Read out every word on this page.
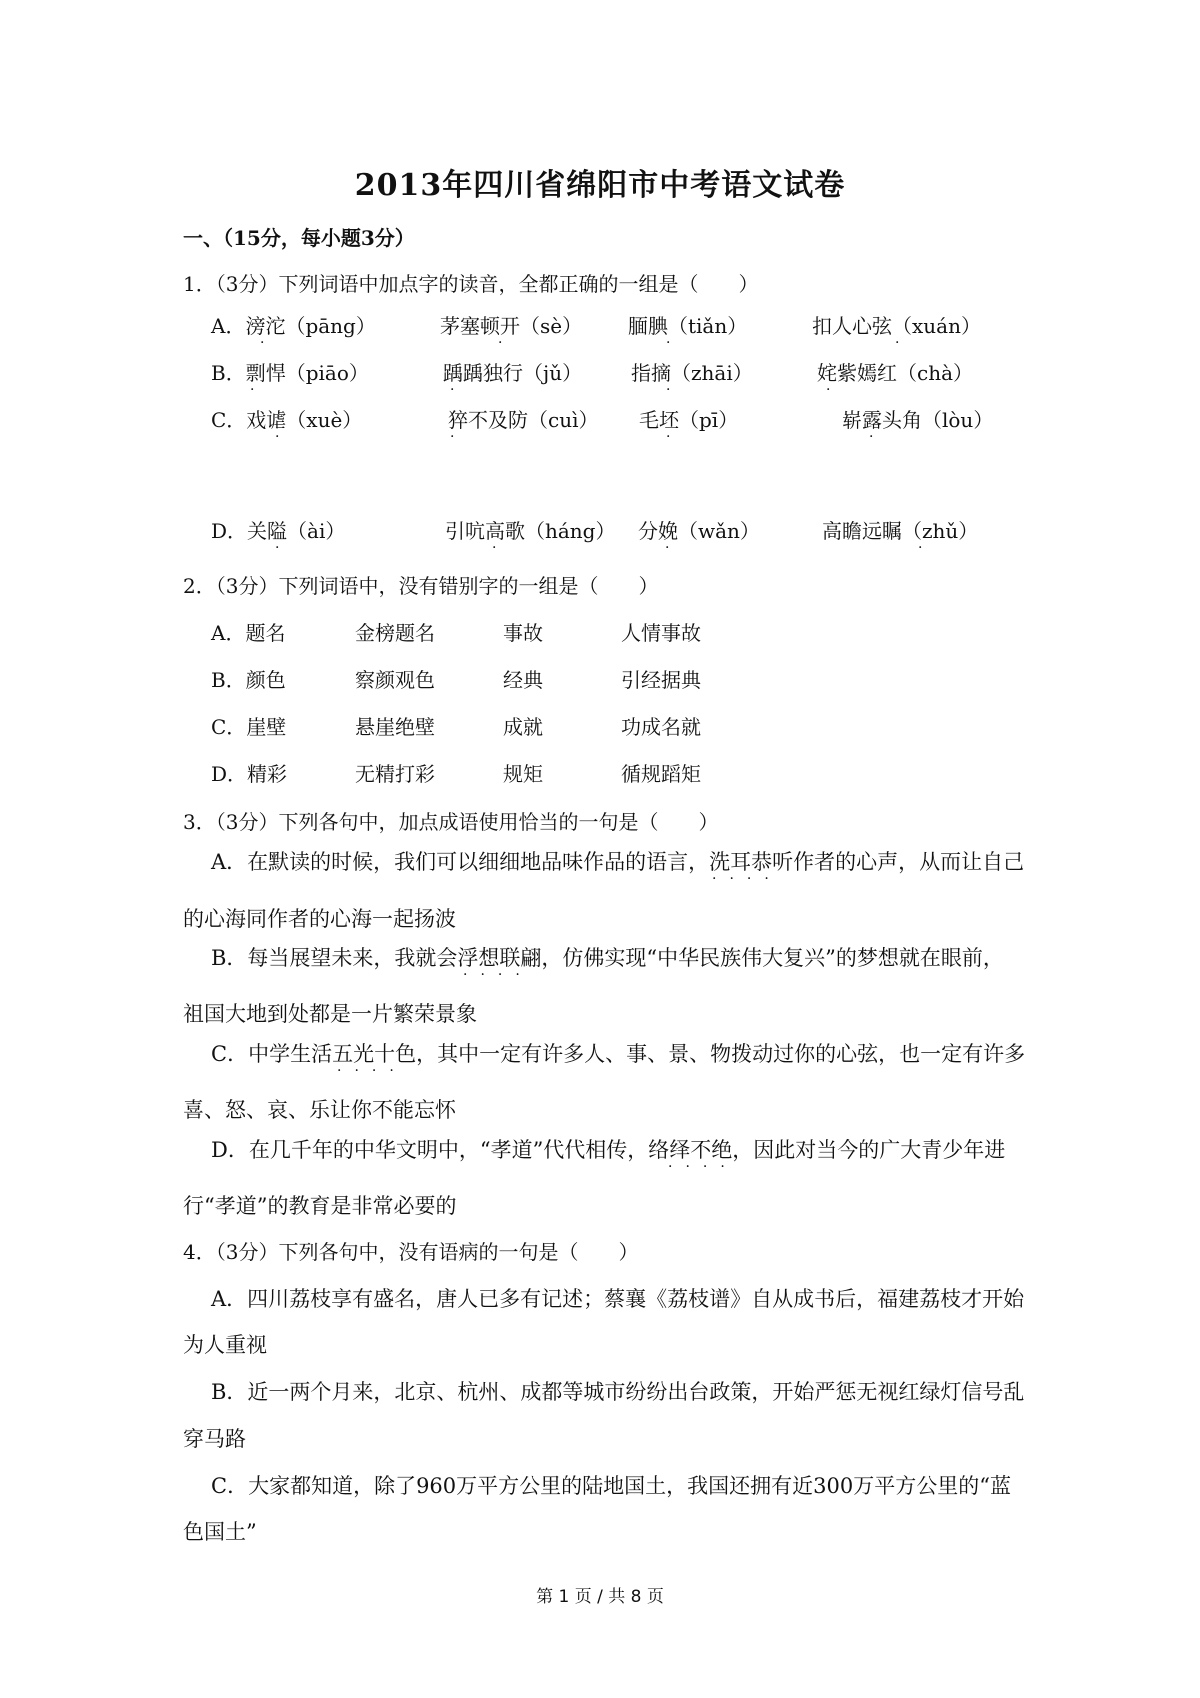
2013年四川省绵阳市中考语文试卷
一、（15分，每小题3分）
1．（3分）下列词语中加点字的读音，全都正确的一组是（　　）
A．滂沱（pāng）	茅塞顿开（sè） 腼腆（tiǎn）	扣人心弦（xuán）
B．剽悍（piāo）	踽踽独行（jǔ） 指摘（zhāi）	姹紫嫣红（chà）
C．戏谑（xuè）	猝不及防（cuì） 毛坯（pī）	崭露头角（lòu）
D．关隘（ài）	引吭高歌（háng） 分娩（wǎn）	高瞻远瞩（zhǔ）
·	·	·	·
·	·	·	·
·	·	·	·
·	·	·	·
2．（3分）下列词语中，没有错别字的一组是（　　）
A．题名	金榜题名	事故	人情事故
B．颜色	察颜观色	经典	引经据典
C．崖壁	悬崖绝壁	成就	功成名就
D．精彩	无精打彩	规矩	循规蹈矩
3．（3分）下列各句中，加点成语使用恰当的一句是（　　）
A．在默读的时候，我们可以细细地品味作品的语言，洗耳恭听作者的心声，从而让自己
的心海同作者的心海一起扬波
B．每当展望未来，我就会浮想联翩，仿佛实现“中华民族伟大复兴”的梦想就在眼前，
祖国大地到处都是一片繁荣景象
C．中学生活五光十色，其中一定有许多人、事、景、物拨动过你的心弦，也一定有许多
喜、怒、哀、乐让你不能忘怀
D．在几千年的中华文明中，“孝道”代代相传，络绎不绝，因此对当今的广大青少年进
行“孝道”的教育是非常必要的
····
····
····
····
4．（3分）下列各句中，没有语病的一句是（　　）
A．四川荔枝享有盛名，唐人已多有记述；蔡襄《荔枝谱》自从成书后，福建荔枝才开始
为人重视
B．近一两个月来，北京、杭州、成都等城市纷纷出台政策，开始严惩无视红绿灯信号乱
穿马路
C．大家都知道，除了960万平方公里的陆地国土，我国还拥有近300万平方公里的“蓝
色国土”
第 1 页 / 共 8 页
